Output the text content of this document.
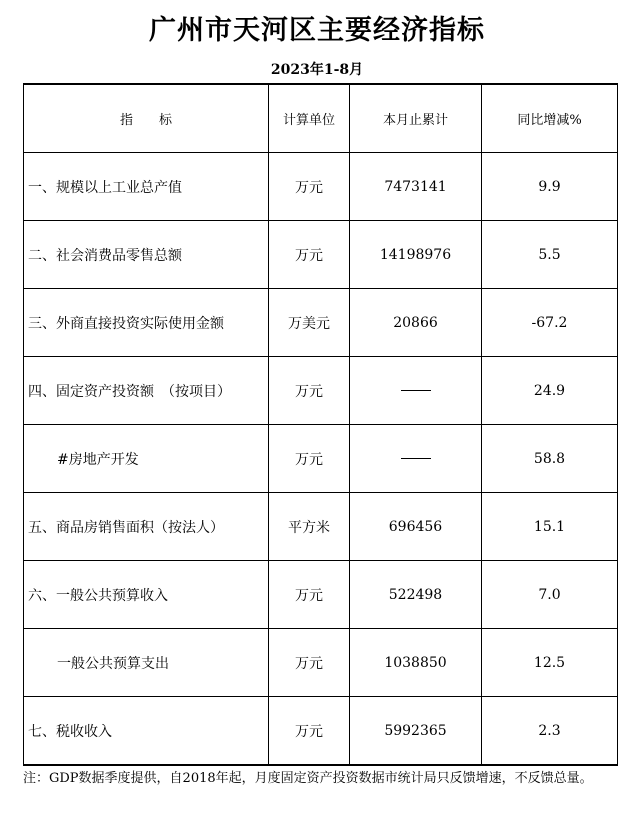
广州市天河区主要经济指标
2023年1-8月
指　　标	计算单位	本月止累计	同比增减%
一、规模以上工业总产值	万元	7473141	9.9
二、社会消费品零售总额	万元	14198976	5.5
三、外商直接投资实际使用金额	万美元	20866	-67.2
四、固定资产投资额　（按项目）	万元		24.9
#房地产开发	万元		58.8
五、商品房销售面积（按法人）	平方米	696456	15.1
六、一般公共预算收入	万元	522498	7.0
一般公共预算支出	万元	1038850	12.5
七、税收收入	万元	5992365	2.3
注：GDP数据季度提供，自2018年起，月度固定资产投资数据市统计局只反馈增速，不反馈总量。
